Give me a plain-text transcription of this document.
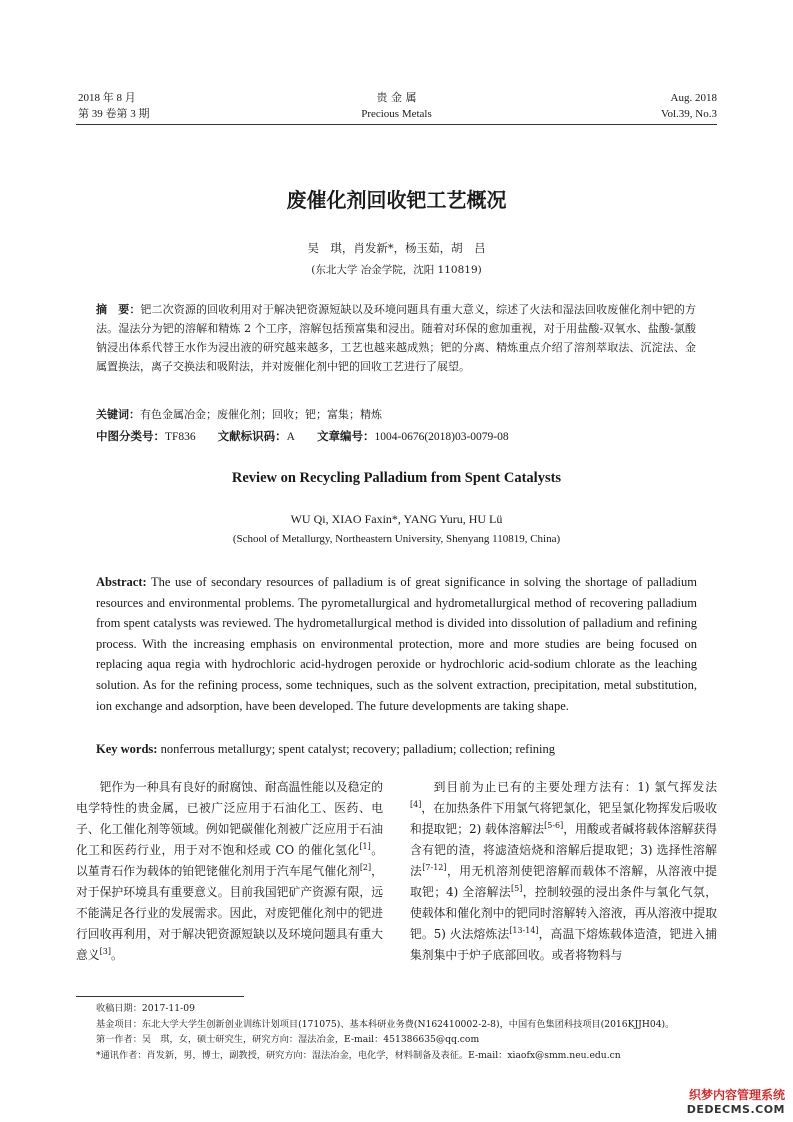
2018 年 8 月
第 39 卷第 3 期
贵 金 属
Precious Metals
Aug. 2018
Vol.39, No.3
废催化剂回收钯工艺概况
吴　琪，肖发新*，杨玉茹，胡　吕
(东北大学 冶金学院，沈阳 110819)
摘　要：钯二次资源的回收利用对于解决钯资源短缺以及环境问题具有重大意义，综述了火法和湿法回收废催化剂中钯的方法。湿法分为钯的溶解和精炼 2 个工序，溶解包括预富集和浸出。随着对环保的愈加重视，对于用盐酸-双氧水、盐酸-氯酸钠浸出体系代替王水作为浸出液的研究越来越多，工艺也越来越成熟；钯的分离、精炼重点介绍了溶剂萃取法、沉淀法、金属置换法，离子交换法和吸附法，并对废催化剂中钯的回收工艺进行了展望。
关键词：有色金属冶金；废催化剂；回收；钯；富集；精炼
中图分类号：TF836 文献标识码：A 文章编号：1004-0676(2018)03-0079-08
Review on Recycling Palladium from Spent Catalysts
WU Qi, XIAO Faxin*, YANG Yuru, HU Lü
(School of Metallurgy, Northeastern University, Shenyang 110819, China)
Abstract: The use of secondary resources of palladium is of great significance in solving the shortage of palladium resources and environmental problems. The pyrometallurgical and hydrometallurgical method of recovering palladium from spent catalysts was reviewed. The hydrometallurgical method is divided into dissolution of palladium and refining process. With the increasing emphasis on environmental protection, more and more studies are being focused on replacing aqua regia with hydrochloric acid-hydrogen peroxide or hydrochloric acid-sodium chlorate as the leaching solution. As for the refining process, some techniques, such as the solvent extraction, precipitation, metal substitution, ion exchange and adsorption, have been developed. The future developments are taking shape.
Key words: nonferrous metallurgy; spent catalyst; recovery; palladium; collection; refining

钯作为一种具有良好的耐腐蚀、耐高温性能以及稳定的电学特性的贵金属，已被广泛应用于石油化工、医药、电子、化工催化剂等领域。例如钯碳催化剂被广泛应用于石油化工和医药行业，用于对不饱和烃或 CO 的催化氢化[1]。以堇青石作为载体的铂钯铑催化剂用于汽车尾气催化剂[2]，对于保护环境具有重要意义。目前我国钯矿产资源有限，远不能满足各行业的发展需求。因此，对废钯催化剂中的钯进行回收再利用，对于解决钯资源短缺以及环境问题具有重大意义[3]。

到目前为止已有的主要处理方法有：1) 氯气挥发法[4]，在加热条件下用氯气将钯氯化，钯呈氯化物挥发后吸收和提取钯；2) 载体溶解法[5-6]，用酸或者碱将载体溶解获得含有钯的渣，将滤渣焙烧和溶解后提取钯；3) 选择性溶解法[7-12]，用无机溶剂使钯溶解而载体不溶解，从溶液中提取钯；4) 全溶解法[5]，控制较强的浸出条件与氧化气氛，使载体和催化剂中的钯同时溶解转入溶液，再从溶液中提取钯。5) 火法熔炼法[13-14]，高温下熔炼载体造渣，钯进入捕集剂集中于炉子底部回收。或者将物料与

收稿日期：2017-11-09
基金项目：东北大学大学生创新创业训练计划项目(171075)、基本科研业务费(N162410002-2-8)，中国有色集团科技项目(2016KJJH04)。
第一作者：吴　琪，女，硕士研究生，研究方向：湿法冶金，E-mail：451386635@qq.com
*通讯作者：肖发新，男，博士，副教授，研究方向：湿法冶金，电化学，材料制备及表征。E-mail：xiaofx@smm.neu.edu.cn
织梦内容管理系统
DEDECMS.COM
